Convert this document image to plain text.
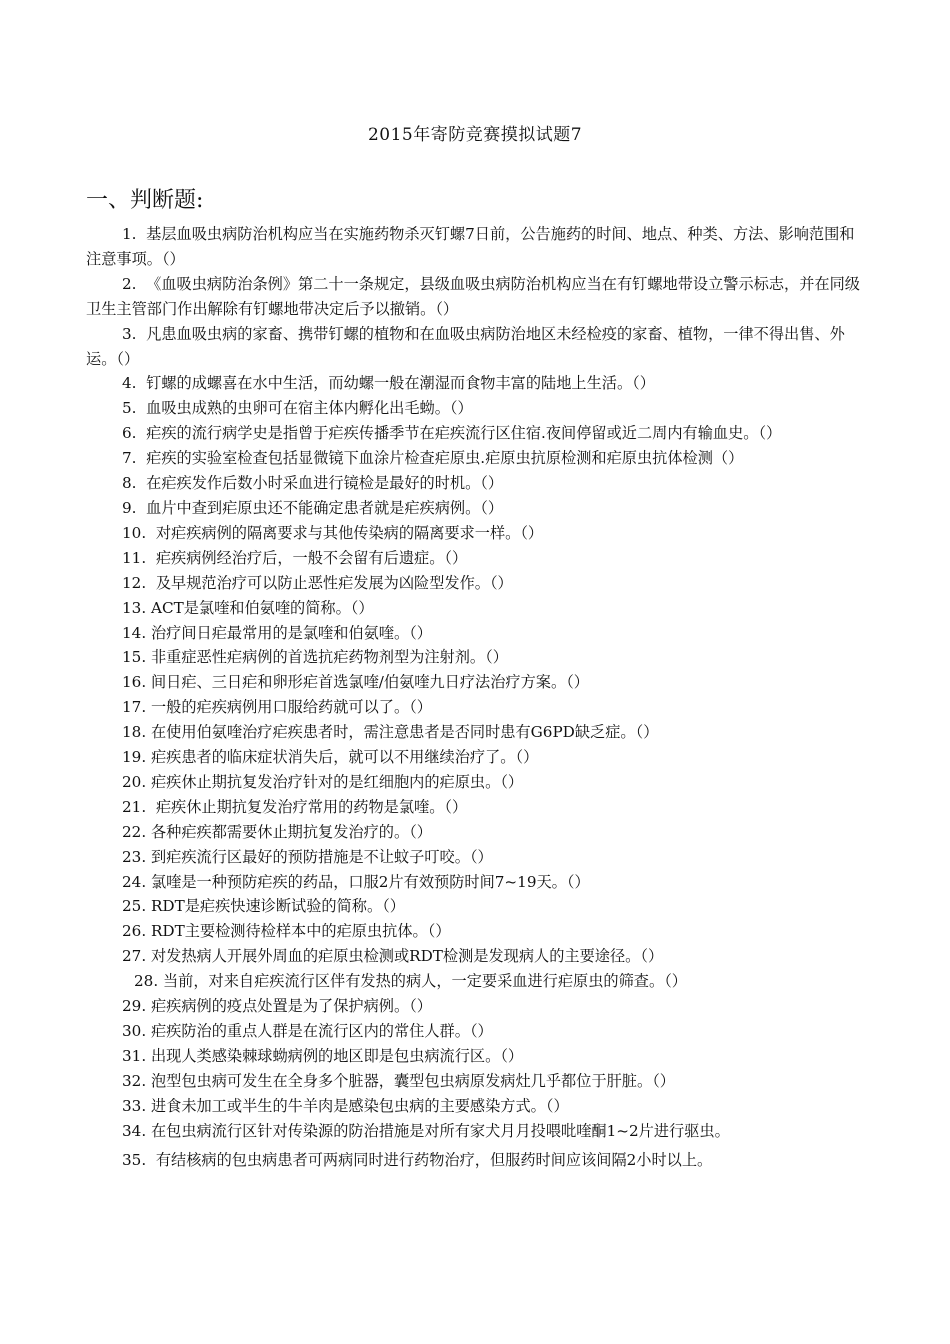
2015年寄防竞赛摸拟试题7
一、判断题:
1.  基层血吸虫病防治机构应当在实施药物杀灭钉螺7日前，公告施药的时间、地点、种类、方法、影响范围和注意事项。（）
2.  《血吸虫病防治条例》第二十一条规定，县级血吸虫病防治机构应当在有钉螺地带设立警示标志，并在同级卫生主管部门作出解除有钉螺地带决定后予以撤销。（）
3.  凡患血吸虫病的家畜、携带钉螺的植物和在血吸虫病防治地区未经检疫的家畜、植物，一律不得出售、外运。（）
4.  钉螺的成螺喜在水中生活，而幼螺一般在潮湿而食物丰富的陆地上生活。（）
5.  血吸虫成熟的虫卵可在宿主体内孵化出毛蚴。（）
6.  疟疾的流行病学史是指曾于疟疾传播季节在疟疾流行区住宿.夜间停留或近二周内有输血史。（）
7.  疟疾的实验室检查包括显微镜下血涂片检查疟原虫.疟原虫抗原检测和疟原虫抗体检测（）
8.  在疟疾发作后数小时采血进行镜检是最好的时机。（）
9.  血片中查到疟原虫还不能确定患者就是疟疾病例。（）
10.  对疟疾病例的隔离要求与其他传染病的隔离要求一样。（）
11.  疟疾病例经治疗后，一般不会留有后遗症。（）
12.  及早规范治疗可以防止恶性疟发展为凶险型发作。（）
13. ACT是氯喹和伯氨喹的简称。（）
14. 治疗间日疟最常用的是氯喹和伯氨喹。（）
15. 非重症恶性疟病例的首选抗疟药物剂型为注射剂。（）
16. 间日疟、三日疟和卵形疟首选氯喹/伯氨喹九日疗法治疗方案。（）
17. 一般的疟疾病例用口服给药就可以了。（）
18. 在使用伯氨喹治疗疟疾患者时，需注意患者是否同时患有G6PD缺乏症。（）
19. 疟疾患者的临床症状消失后，就可以不用继续治疗了。（）
20. 疟疾休止期抗复发治疗针对的是红细胞内的疟原虫。（）
21.  疟疾休止期抗复发治疗常用的药物是氯喹。（）
22. 各种疟疾都需要休止期抗复发治疗的。（）
23. 到疟疾流行区最好的预防措施是不让蚊子叮咬。（）
24. 氯喹是一种预防疟疾的药品，口服2片有效预防时间7~19天。（）
25. RDT是疟疾快速诊断试验的简称。（）
26. RDT主要检测待检样本中的疟原虫抗体。（）
27. 对发热病人开展外周血的疟原虫检测或RDT检测是发现病人的主要途径。（）
28. 当前，对来自疟疾流行区伴有发热的病人，一定要采血进行疟原虫的筛查。（）
29. 疟疾病例的疫点处置是为了保护病例。（）
30. 疟疾防治的重点人群是在流行区内的常住人群。（）
31. 出现人类感染棘球蚴病例的地区即是包虫病流行区。（）
32. 泡型包虫病可发生在全身多个脏器，囊型包虫病原发病灶几乎都位于肝脏。（）
33. 进食未加工或半生的牛羊肉是感染包虫病的主要感染方式。（）
34. 在包虫病流行区针对传染源的防治措施是对所有家犬月月投喂吡喹酮1~2片进行驱虫。
35.  有结核病的包虫病患者可两病同时进行药物治疗，但服药时间应该间隔2小时以上。
